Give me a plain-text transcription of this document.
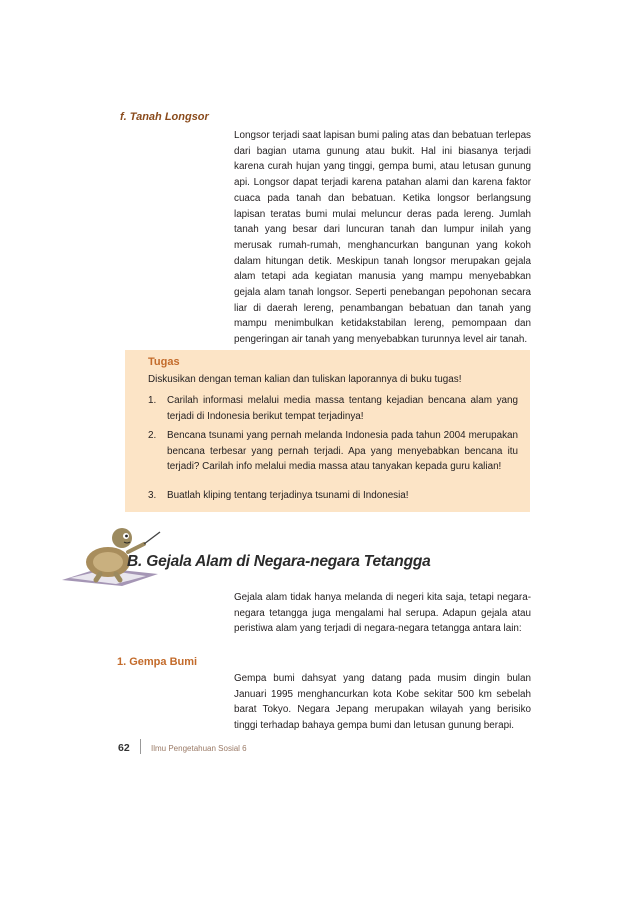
f. Tanah Longsor

Longsor terjadi saat lapisan bumi paling atas dan bebatuan terlepas dari bagian utama gunung atau bukit. Hal ini biasanya terjadi karena curah hujan yang tinggi, gempa bumi, atau letusan gunung api. Longsor dapat terjadi karena patahan alami dan karena faktor cuaca pada tanah dan bebatuan. Ketika longsor berlangsung lapisan teratas bumi mulai meluncur deras pada lereng. Jumlah tanah yang besar dari luncuran tanah dan lumpur inilah yang merusak rumah-rumah, menghancurkan bangunan yang kokoh dalam hitungan detik. Meskipun tanah longsor merupakan gejala alam tetapi ada kegiatan manusia yang mampu menyebabkan gejala alam tanah longsor. Seperti penebangan pepohonan secara liar di daerah lereng, penambangan bebatuan dan tanah yang mampu menimbulkan ketidakstabilan lereng, pemompaan dan pengeringan air tanah yang menyebabkan turunnya level air tanah.

Tugas
Diskusikan dengan teman kalian dan tuliskan laporannya di buku tugas!
1. Carilah informasi melalui media massa tentang kejadian bencana alam yang terjadi di Indonesia berikut tempat terjadinya!
2. Bencana tsunami yang pernah melanda Indonesia pada tahun 2004 merupakan bencana terbesar yang pernah terjadi. Apa yang menyebabkan bencana itu terjadi? Carilah info melalui media massa atau tanyakan kepada guru kalian!
3. Buatlah kliping tentang terjadinya tsunami di Indonesia!
B. Gejala Alam di Negara-negara Tetangga

Gejala alam tidak hanya melanda di negeri kita saja, tetapi negara-negara tetangga juga mengalami hal serupa. Adapun gejala atau peristiwa alam yang terjadi di negara-negara tetangga antara lain:

1. Gempa Bumi

Gempa bumi dahsyat yang datang pada musim dingin bulan Januari 1995 menghancurkan kota Kobe sekitar 500 km sebelah barat Tokyo. Negara Jepang merupakan wilayah yang berisiko tinggi terhadap bahaya gempa bumi dan letusan gunung berapi.

62	Ilmu Pengetahuan Sosial 6
